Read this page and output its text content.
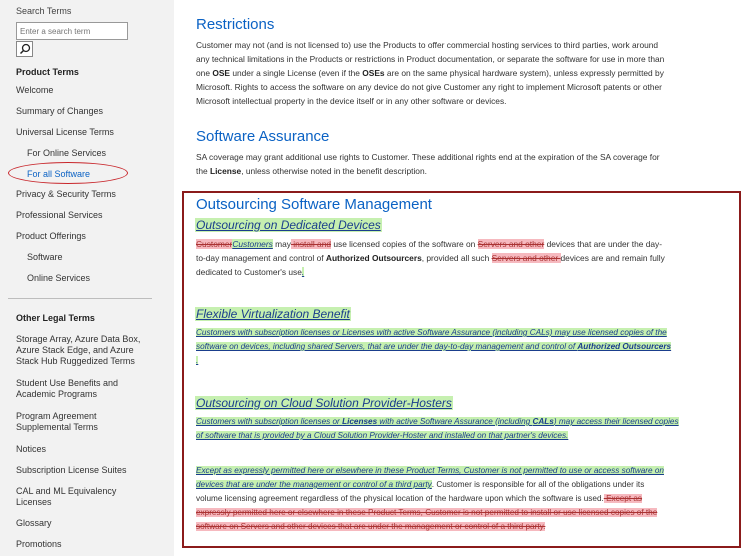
Search Terms
Enter a search term
Product Terms
Welcome
Summary of Changes
Universal License Terms
For Online Services
For all Software
Privacy & Security Terms
Professional Services
Product Offerings
Software
Online Services
Other Legal Terms
Storage Array, Azure Data Box,
Azure Stack Edge, and Azure
Stack Hub Ruggedized Terms
Student Use Benefits and
Academic Programs
Program Agreement
Supplemental Terms
Notices
Subscription License Suites
CAL and ML Equivalency
Licenses
Glossary
Promotions
Restrictions
Customer may not (and is not licensed to) use the Products to offer commercial hosting services to third parties, work around
any technical limitations in the Products or restrictions in Product documentation, or separate the software for use in more than
one OSE under a single License (even if the OSEs are on the same physical hardware system), unless expressly permitted by
Microsoft. Rights to access the software on any device do not give Customer any right to implement Microsoft patents or other
Microsoft intellectual property in the device itself or in any other software or devices.
Software Assurance
SA coverage may grant additional use rights to Customer. These additional rights end at the expiration of the SA coverage for
the License, unless otherwise noted in the benefit description.
Outsourcing Software Management
Outsourcing on Dedicated Devices
CustomerCustomers may install and use licensed copies of the software on Servers and other devices that are under the day-
to-day management and control of Authorized Outsourcers, provided all such Servers and other devices are and remain fully
dedicated to Customer's use.
Flexible Virtualization Benefit
Customers with subscription licenses or Licenses with active Software Assurance (including CALs) may use licensed copies of the
software on devices, including shared Servers, that are under the day-to-day management and control of Authorized Outsourcers
.
Outsourcing on Cloud Solution Provider-Hosters
Customers with subscription licenses or Licenses with active Software Assurance (including CALs) may access their licensed copies
of software that is provided by a Cloud Solution Provider-Hoster and installed on that partner's devices.
Except as expressly permitted here or elsewhere in these Product Terms, Customer is not permitted to use or access software on
devices that are under the management or control of a third party. Customer is responsible for all of the obligations under its
volume licensing agreement regardless of the physical location of the hardware upon which the software is used. Except as
expressly permitted here or elsewhere in these Product Terms, Customer is not permitted to install or use licensed copies of the
software on Servers and other devices that are under the management or control of a third party.
